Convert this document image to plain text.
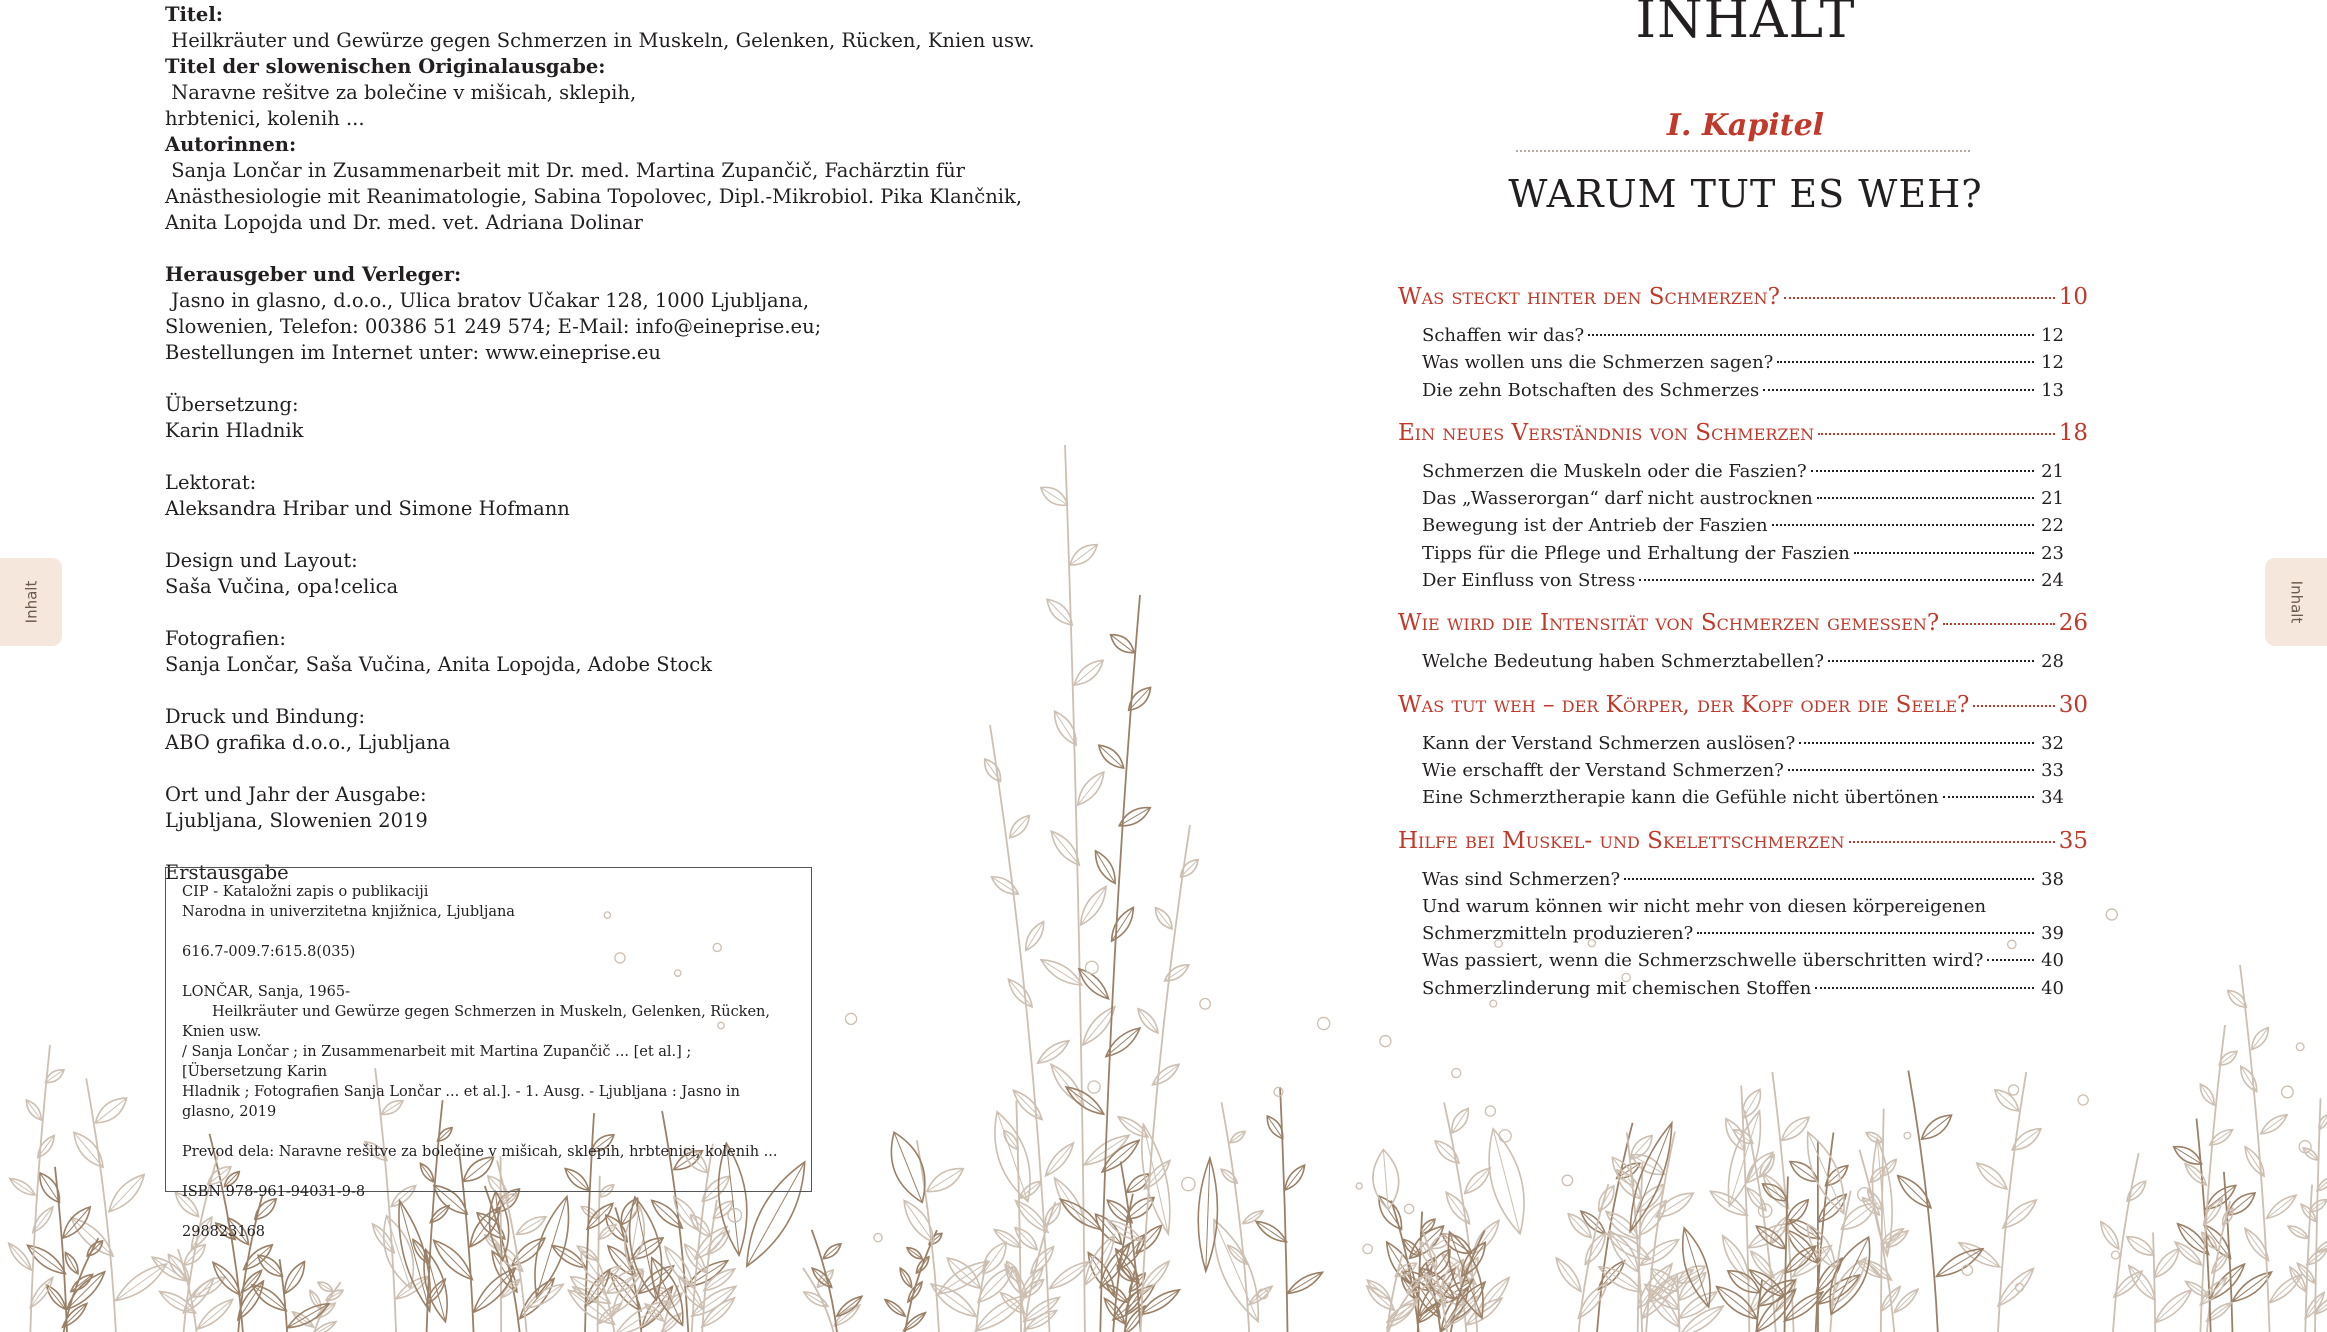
Titel: Heilkräuter und Gewürze gegen Schmerzen in Muskeln, Gelenken, Rücken, Knien usw.

Titel der slowenischen Originalausgabe: Naravne rešitve za bolečine v mišicah, sklepih,

hrbtenici, kolenih ...

Autorinnen: Sanja Lončar in Zusammenarbeit mit Dr. med. Martina Zupančič, Fachärztin für

Anästhesiologie mit Reanimatologie, Sabina Topolovec, Dipl.-Mikrobiol. Pika Klančnik,

Anita Lopojda und Dr. med. vet. Adriana Dolinar

Herausgeber und Verleger: Jasno in glasno, d.o.o., Ulica bratov Učakar 128, 1000 Ljubljana,

Slowenien, Telefon: 00386 51 249 574; E-Mail: info@eineprise.eu;

Bestellungen im Internet unter: www.eineprise.eu

Übersetzung:

Karin Hladnik

Lektorat:

Aleksandra Hribar und Simone Hofmann

Design und Layout:

Saša Vučina, opa!celica

Fotografien:

Sanja Lončar, Saša Vučina, Anita Lopojda, Adobe Stock

Druck und Bindung:

ABO grafika d.o.o., Ljubljana

Ort und Jahr der Ausgabe:

Ljubljana, Slowenien 2019

Erstausgabe

CIP - Kataložni zapis o publikaciji

Narodna in univerzitetna knjižnica, Ljubljana

616.7-009.7:615.8(035)

LONČAR, Sanja, 1965-

Heilkräuter und Gewürze gegen Schmerzen in Muskeln, Gelenken, Rücken, Knien usw.

/ Sanja Lončar ; in Zusammenarbeit mit Martina Zupančič ... [et al.] ; [Übersetzung Karin

Hladnik ; Fotografien Sanja Lončar ... et al.]. - 1. Ausg. - Ljubljana : Jasno in glasno, 2019

Prevod dela: Naravne rešitve za bolečine v mišicah, sklepih, hrbtenici, kolenih ...

ISBN 978-961-94031-9-8

298823168

Inhalt
INHALT
I. Kapitel
WARUM TUT ES WEH?
Was steckt hinter den Schmerzen?	10
Schaffen wir das?	12
Was wollen uns die Schmerzen sagen?	12
Die zehn Botschaften des Schmerzes	13
Ein neues Verständnis von Schmerzen	18
Schmerzen die Muskeln oder die Faszien?	21
Das „Wasserorgan“ darf nicht austrocknen	21
Bewegung ist der Antrieb der Faszien	22
Tipps für die Pflege und Erhaltung der Faszien	23
Der Einfluss von Stress	24
Wie wird die Intensität von Schmerzen gemessen?	26
Welche Bedeutung haben Schmerztabellen?	28
Was tut weh – der Körper, der Kopf oder die Seele?	30
Kann der Verstand Schmerzen auslösen?	32
Wie erschafft der Verstand Schmerzen?	33
Eine Schmerztherapie kann die Gefühle nicht übertönen	34
Hilfe bei Muskel- und Skelettschmerzen	35
Was sind Schmerzen?	38
Und warum können wir nicht mehr von diesen körpereigenen
Schmerzmitteln produzieren?	39
Was passiert, wenn die Schmerzschwelle überschritten wird?	40
Schmerzlinderung mit chemischen Stoffen	40
Inhalt
